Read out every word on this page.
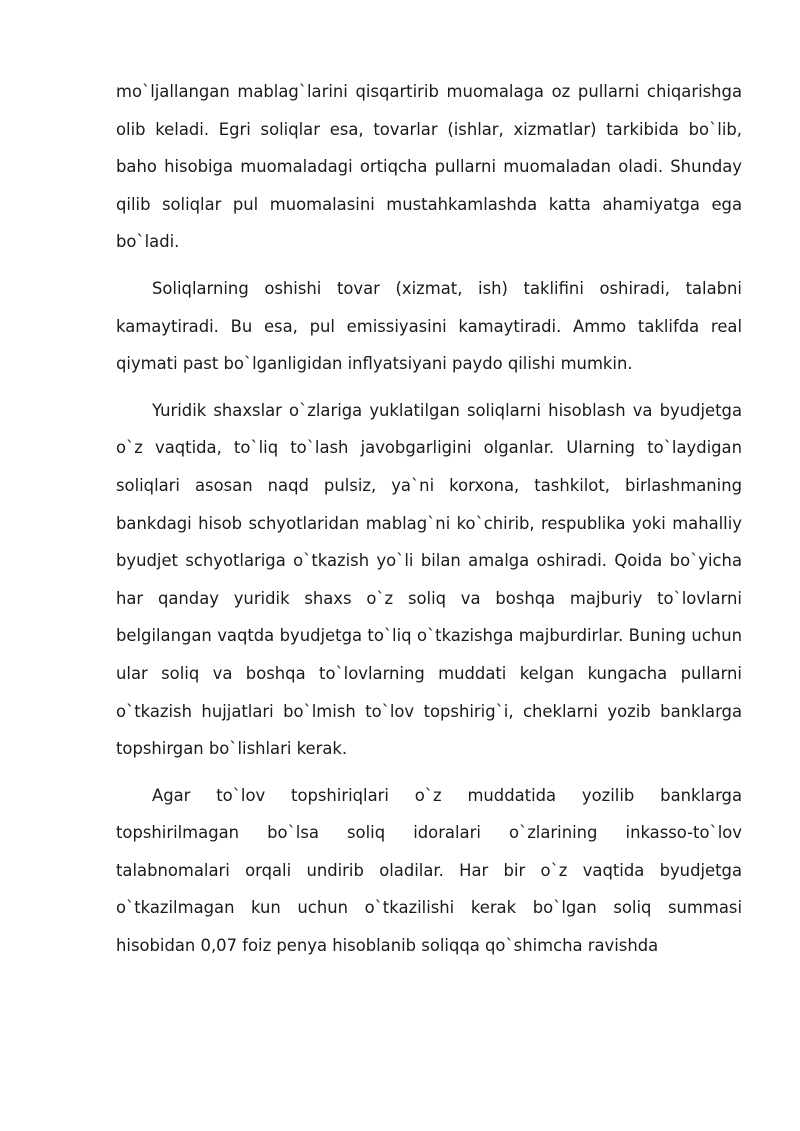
mo`ljallangan mablag`larini qisqartirib muomalaga oz pullarni chiqarishga olib keladi. Egri soliqlar esa, tovarlar (ishlar, xizmatlar) tarkibida bo`lib, baho hisobiga muomaladagi ortiqcha pullarni muomaladan oladi. Shunday qilib soliqlar pul muomalasini mustahkamlashda katta ahamiyatga ega bo`ladi.

Soliqlarning oshishi tovar (xizmat, ish) taklifini oshiradi, talabni kamaytiradi. Bu esa, pul emissiyasini kamaytiradi. Ammo taklifda real qiymati past bo`lganligidan inflyatsiyani paydo qilishi mumkin.

Yuridik shaxslar o`zlariga yuklatilgan soliqlarni hisoblash va byudjetga o`z vaqtida, to`liq to`lash javobgarligini olganlar. Ularning to`laydigan soliqlari asosan naqd pulsiz, ya`ni korxona, tashkilot, birlashmaning bankdagi hisob schyotlaridan mablag`ni ko`chirib, respublika yoki mahalliy byudjet schyotlariga o`tkazish yo`li bilan amalga oshiradi. Qoida bo`yicha har qanday yuridik shaxs o`z soliq va boshqa majburiy to`lovlarni belgilangan vaqtda byudjetga to`liq o`tkazishga majburdirlar. Buning uchun ular soliq va boshqa to`lovlarning muddati kelgan kungacha pullarni o`tkazish hujjatlari bo`lmish to`lov topshirig`i, cheklarni yozib banklarga topshirgan bo`lishlari kerak.

Agar to`lov topshiriqlari o`z muddatida yozilib banklarga topshirilmagan bo`lsa soliq idoralari o`zlarining inkasso-to`lov talabnomalari orqali undirib oladilar. Har bir o`z vaqtida byudjetga o`tkazilmagan kun uchun o`tkazilishi kerak bo`lgan soliq summasi hisobidan 0,07 foiz penya hisoblanib soliqqa qo`shimcha ravishda
